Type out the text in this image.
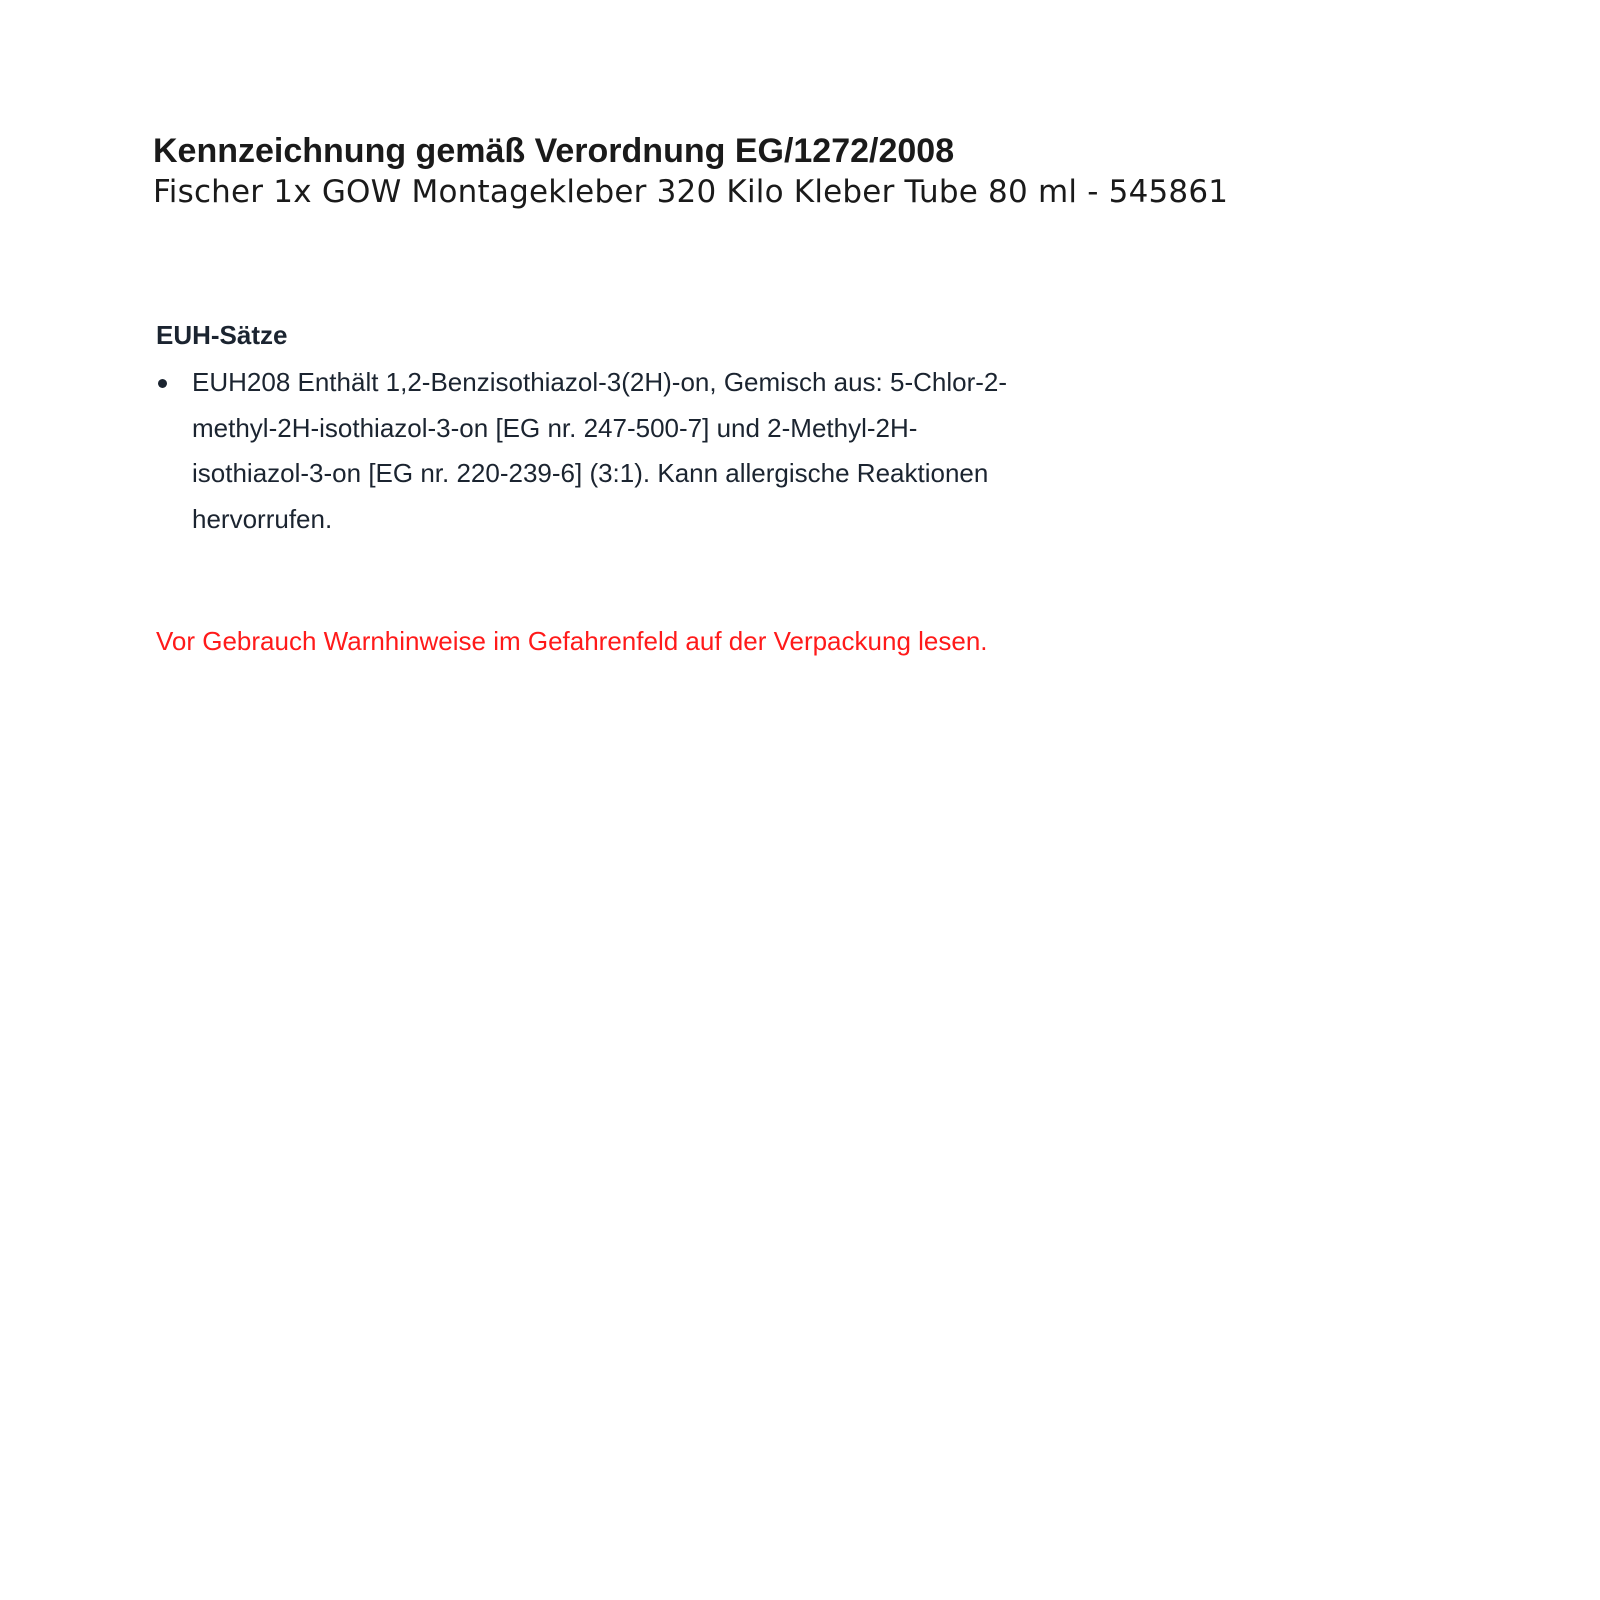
Kennzeichnung gemäß Verordnung EG/1272/2008
Fischer 1x GOW Montagekleber 320 Kilo Kleber Tube 80 ml - 545861
EUH-Sätze
EUH208 Enthält 1,2-Benzisothiazol-3(2H)-on, Gemisch aus: 5-Chlor-2-methyl-2H-isothiazol-3-on [EG nr. 247-500-7] und 2-Methyl-2H-isothiazol-3-on [EG nr. 220-239-6] (3:1). Kann allergische Reaktionen hervorrufen.
Vor Gebrauch Warnhinweise im Gefahrenfeld auf der Verpackung lesen.
